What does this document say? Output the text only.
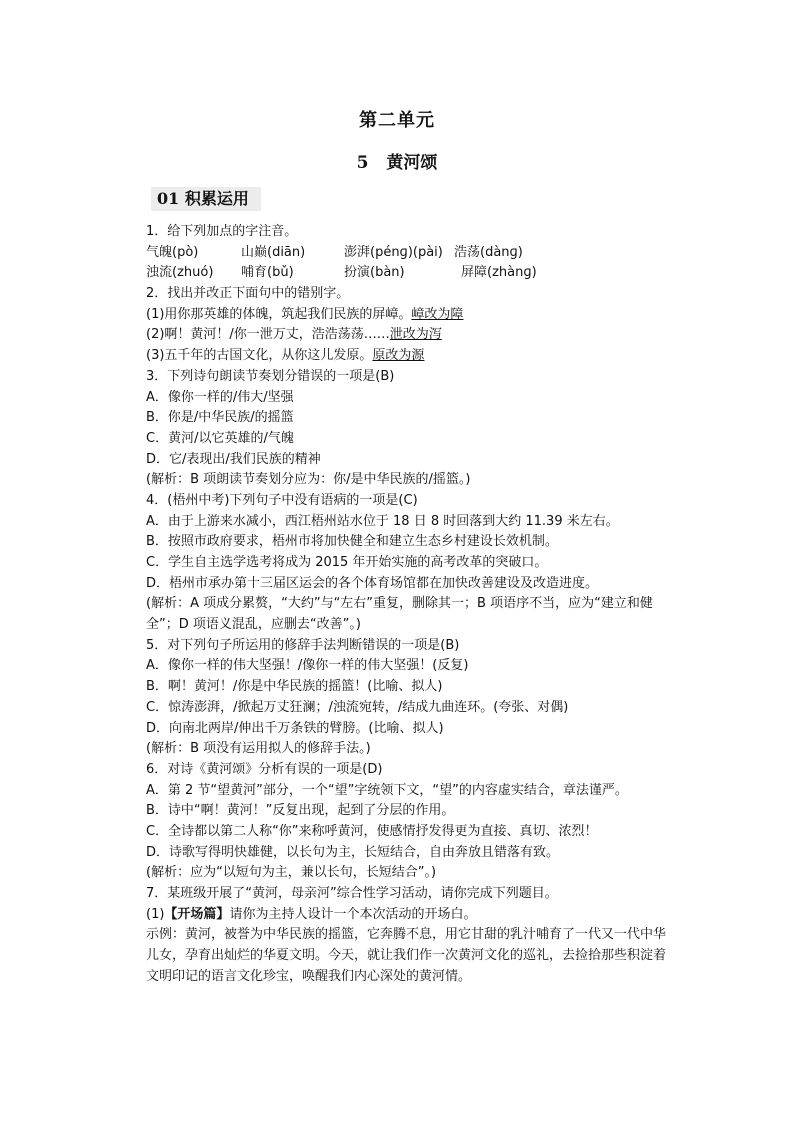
第二单元
5 黄河颂
01 积累运用
1．给下列加点的字注音。
气魄(pò)	山巅(diān)	澎湃(pénɡ)(pài) 浩荡(dànɡ)
浊流(zhuó) 哺育(bǔ)	扮演(bàn)	屏障(zhànɡ)
2．找出并改正下面句中的错别字。
(1)用你那英雄的体魄，筑起我们民族的屏嶂。嶂改为障
(2)啊！黄河！/你一泄万丈，浩浩荡荡……泄改为泻
(3)五千年的古国文化，从你这儿发原。原改为源
3．下列诗句朗读节奏划分错误的一项是(B)
A．像你一样的/伟大/坚强
B．你是/中华民族/的摇篮
C．黄河/以它英雄的/气魄
D．它/表现出/我们民族的精神
(解析：B 项朗读节奏划分应为：你/是中华民族的/摇篮。)
4．(梧州中考)下列句子中没有语病的一项是(C)
A．由于上游来水减小，西江梧州站水位于 18 日 8 时回落到大约 11.39 米左右。
B．按照市政府要求，梧州市将加快健全和建立生态乡村建设长效机制。
C．学生自主选学选考将成为 2015 年开始实施的高考改革的突破口。
D．梧州市承办第十三届区运会的各个体育场馆都在加快改善建设及改造进度。
(解析：A 项成分累赘，“大约”与“左右”重复，删除其一；B 项语序不当，应为“建立和健全”；D 项语义混乱，应删去“改善”。)
5．对下列句子所运用的修辞手法判断错误的一项是(B)
A．像你一样的伟大坚强！/像你一样的伟大坚强！(反复)
B．啊！黄河！/你是中华民族的摇篮！(比喻、拟人)
C．惊涛澎湃，/掀起万丈狂澜；/浊流宛转，/结成九曲连环。(夸张、对偶)
D．向南北两岸/伸出千万条铁的臂膀。(比喻、拟人)
(解析：B 项没有运用拟人的修辞手法。)
6．对诗《黄河颂》分析有误的一项是(D)
A．第 2 节“望黄河”部分，一个“望”字统领下文，“望”的内容虚实结合，章法谨严。
B．诗中“啊！黄河！”反复出现，起到了分层的作用。
C．全诗都以第二人称“你”来称呼黄河，使感情抒发得更为直接、真切、浓烈！
D．诗歌写得明快雄健，以长句为主，长短结合，自由奔放且错落有致。
(解析：应为“以短句为主，兼以长句，长短结合”。)
7．某班级开展了“黄河，母亲河”综合性学习活动，请你完成下列题目。
(1)【开场篇】请你为主持人设计一个本次活动的开场白。
示例：黄河，被誉为中华民族的摇篮，它奔腾不息，用它甘甜的乳汁哺育了一代又一代中华儿女，孕育出灿烂的华夏文明。今天，就让我们作一次黄河文化的巡礼，去捡拾那些积淀着文明印记的语言文化珍宝，唤醒我们内心深处的黄河情。
